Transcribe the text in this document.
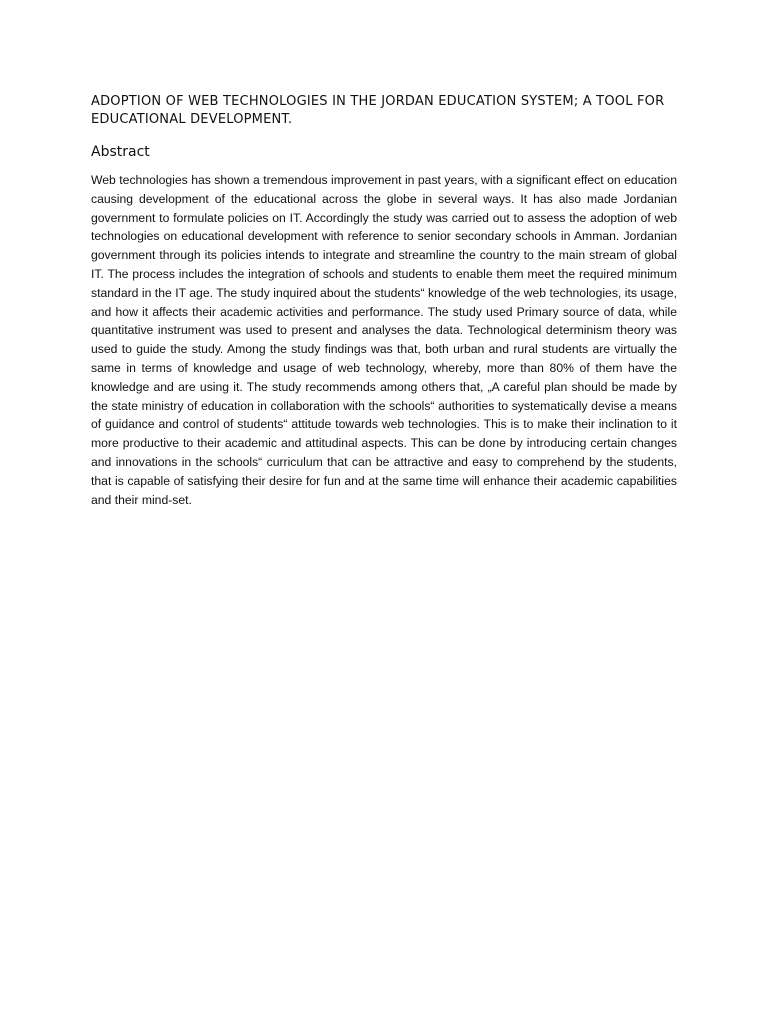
ADOPTION OF WEB TECHNOLOGIES IN THE JORDAN EDUCATION SYSTEM; A TOOL FOR EDUCATIONAL DEVELOPMENT.
Abstract

Web technologies has shown a tremendous improvement in past years, with a significant effect on education causing development of the educational across the globe in several ways. It has also made Jordanian government to formulate policies on IT. Accordingly the study was carried out to assess the adoption of web technologies on educational development with reference to senior secondary schools in Amman. Jordanian government through its policies intends to integrate and streamline the country to the main stream of global IT. The process includes the integration of schools and students to enable them meet the required minimum standard in the IT age. The study inquired about the students“ knowledge of the web technologies, its usage, and how it affects their academic activities and performance. The study used Primary source of data, while quantitative instrument was used to present and analyses the data. Technological determinism theory was used to guide the study. Among the study findings was that, both urban and rural students are virtually the same in terms of knowledge and usage of web technology, whereby, more than 80% of them have the knowledge and are using it. The study recommends among others that, „A careful plan should be made by the state ministry of education in collaboration with the schools“ authorities to systematically devise a means of guidance and control of students“ attitude towards web technologies. This is to make their inclination to it more productive to their academic and attitudinal aspects. This can be done by introducing certain changes and innovations in the schools“ curriculum that can be attractive and easy to comprehend by the students, that is capable of satisfying their desire for fun and at the same time will enhance their academic capabilities and their mind-set.
